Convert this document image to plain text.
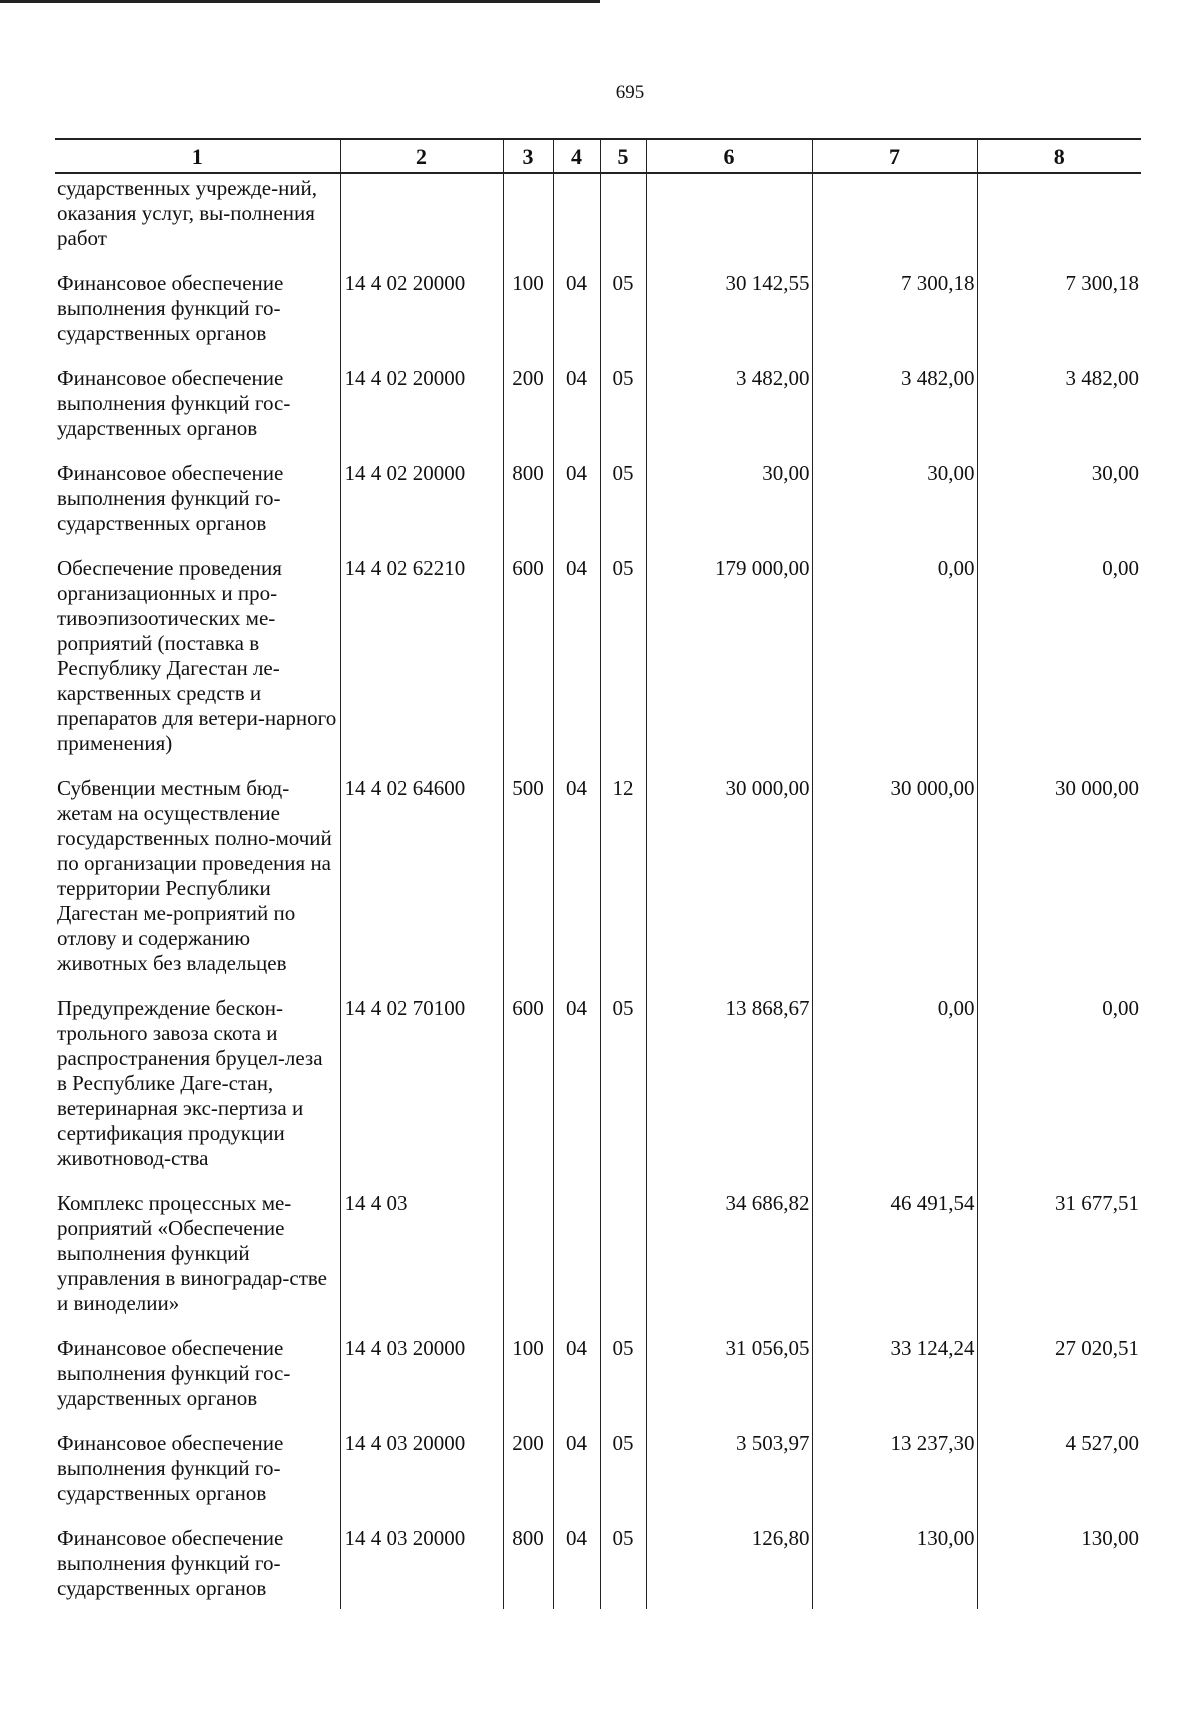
695
1	2	3	4	5	6	7	8
сударственных учрежде-ний, оказания услуг, вы-полнения работ							
Финансовое обеспечение выполнения функций го-сударственных органов	14 4 02 20000	100	04	05	30 142,55	7 300,18	7 300,18
Финансовое обеспечение выполнения функций гос-ударственных органов	14 4 02 20000	200	04	05	3 482,00	3 482,00	3 482,00
Финансовое обеспечение выполнения функций го-сударственных органов	14 4 02 20000	800	04	05	30,00	30,00	30,00
Обеспечение проведения организационных и про-тивоэпизоотических ме-роприятий (поставка в Республику Дагестан ле-карственных средств и препаратов для ветери-нарного применения)	14 4 02 62210	600	04	05	179 000,00	0,00	0,00
Субвенции местным бюд-жетам на осуществление государственных полно-мочий по организации проведения на территории Республики Дагестан ме-роприятий по отлову и содержанию животных без владельцев	14 4 02 64600	500	04	12	30 000,00	30 000,00	30 000,00
Предупреждение бескон-трольного завоза скота и распространения бруцел-леза в Республике Даге-стан, ветеринарная экс-пертиза и сертификация продукции животновод-ства	14 4 02 70100	600	04	05	13 868,67	0,00	0,00
Комплекс процессных ме-роприятий «Обеспечение выполнения функций управления в виноградар-стве и виноделии»	14 4 03				34 686,82	46 491,54	31 677,51
Финансовое обеспечение выполнения функций гос-ударственных органов	14 4 03 20000	100	04	05	31 056,05	33 124,24	27 020,51
Финансовое обеспечение выполнения функций го-сударственных органов	14 4 03 20000	200	04	05	3 503,97	13 237,30	4 527,00
Финансовое обеспечение выполнения функций го-сударственных органов	14 4 03 20000	800	04	05	126,80	130,00	130,00
